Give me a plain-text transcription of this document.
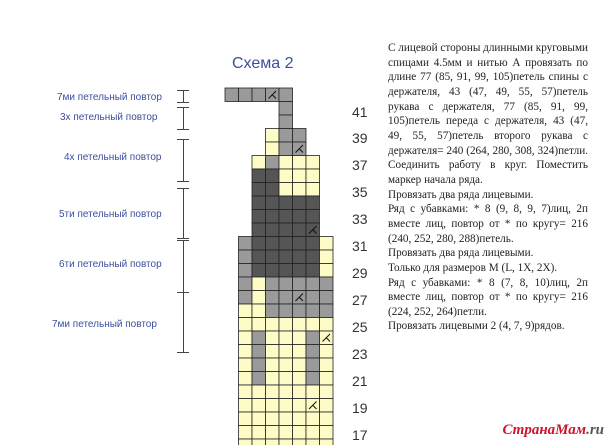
Схема 2
7ми петельный повтор
3х петельный повтор
4х петельный повтор
5ти петельный повтор
6ти петельный повтор
7ми петельный повтор
41
39
37
35
33
31
29
27
25
23
21
19
17

С лицевой стороны длинными круговыми спицами 4.5мм и нитью А провязать по длине 77 (85, 91, 99, 105)петель спины с держателя, 43 (47, 49, 55, 57)петель рукава с держателя, 77 (85, 91, 99, 105)петель переда с держателя, 43 (47, 49, 55, 57)петель второго рукава с держателя= 240 (264, 280, 308, 324)петли. Соединить работу в круг. Поместить маркер начала ряда.

Провязать два ряда лицевыми.

Ряд с убавками: * 8 (9, 8, 9, 7)лиц, 2п вместе лиц, повтор от * по кругу= 216 (240, 252, 280, 288)петель.

Провязать два ряда лицевыми.

Только для размеров M (L, 1X, 2X).

Ряд с убавками: * 8 (7, 8, 10)лиц, 2п вместе лиц, повтор от * по кругу= 216 (224, 252, 264)петли.

Провязать лицевыми 2 (4, 7, 9)рядов.

СтранаМам.ru
